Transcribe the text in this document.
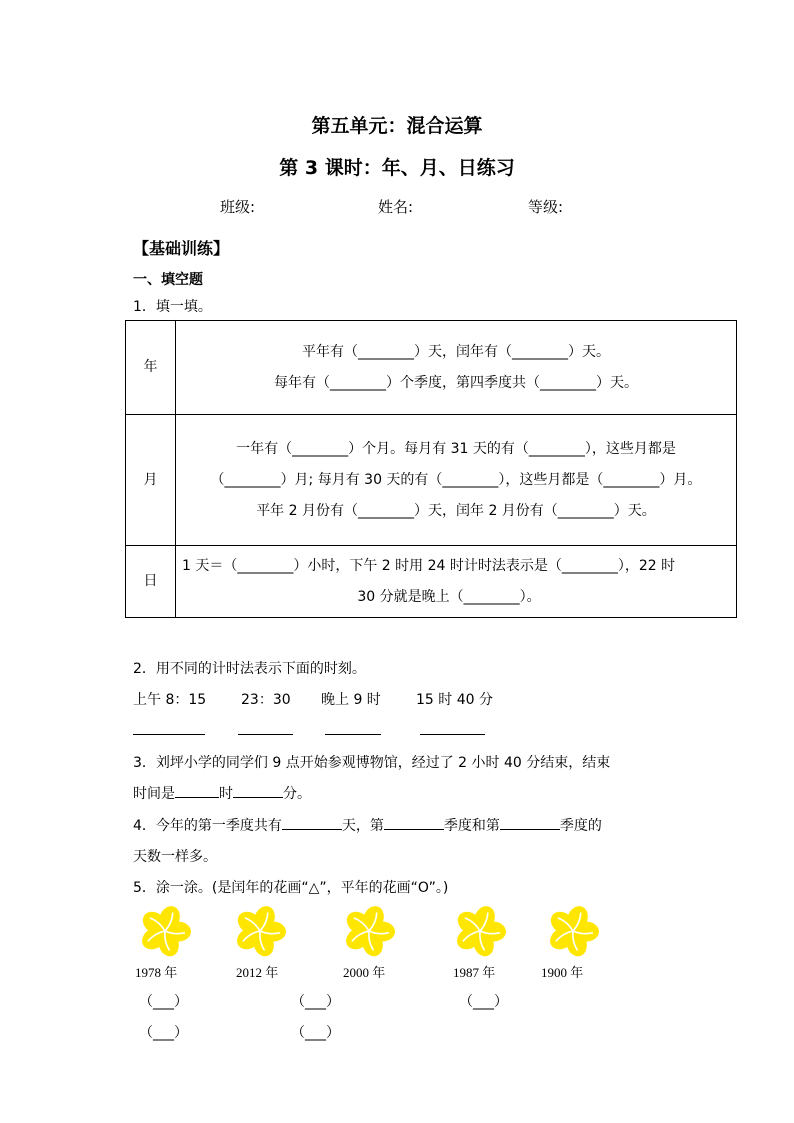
第五单元：混合运算
第 3 课时：年、月、日练习
班级:	姓名:	等级:
【基础训练】
一、填空题
1．填一填。
年	平年有（________）天，闰年有（________）天。
每年有（________）个季度，第四季度共（________）天。

月	一年有（________）个月。每月有 31 天的有（________），这些月都是
（________）月; 每月有 30 天的有（________），这些月都是（________）月。
平年 2 月份有（________）天，闰年 2 月份有（________）天。

日	1 天＝（________）小时，下午 2 时用 24 时计时法表示是（________），22 时
30 分就是晚上（________）。
2．用不同的计时法表示下面的时刻。
上午 8：15 23：30 晚上 9 时	15 时 40 分
3．刘坪小学的同学们 9 点开始参观博物馆，经过了 2 小时 40 分结束，结束
时间是	时	分。
4．今年的第一季度共有	天，第	季度和第	季度的
天数一样多。
5．涂一涂。(是闰年的花画“△”，平年的花画“O”。)
1978 年	2012 年	2000 年	1987 年	1900 年
（___）	（___）	（___）
（___）	（___）
